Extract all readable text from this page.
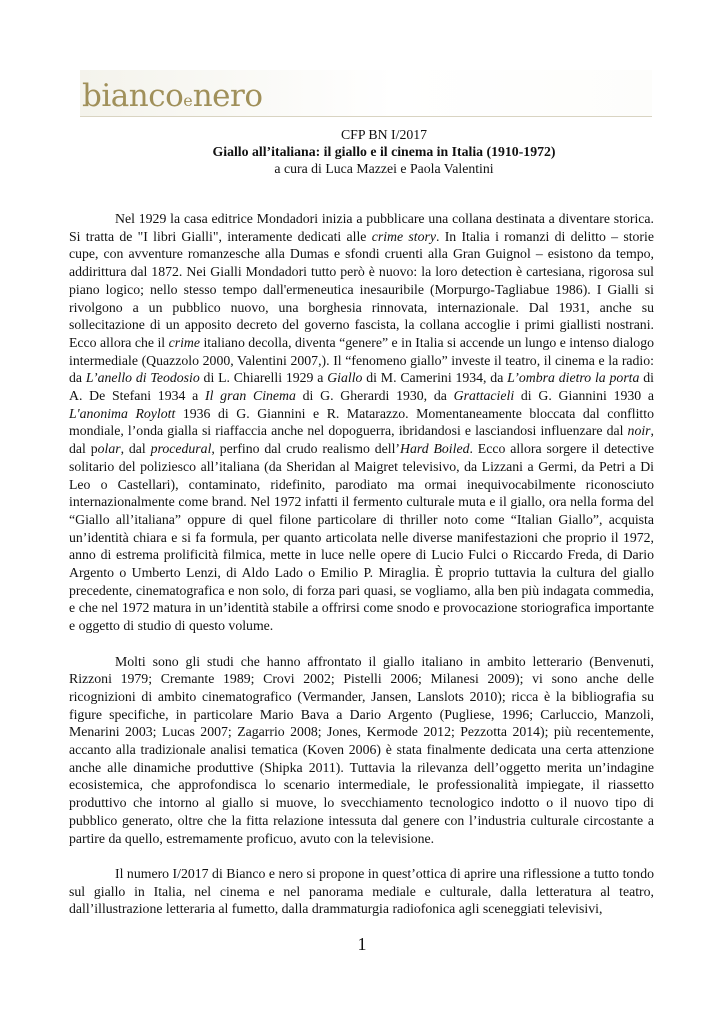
biancoenero
CFP BN I/2017
Giallo all’italiana: il giallo e il cinema in Italia (1910-1972)
a cura di Luca Mazzei e Paola Valentini

Nel 1929 la casa editrice Mondadori inizia a pubblicare una collana destinata a diventare storica. Si tratta de "I libri Gialli", interamente dedicati alle crime story. In Italia i romanzi di delitto – storie cupe, con avventure romanzesche alla Dumas e sfondi cruenti alla Gran Guignol – esistono da tempo, addirittura dal 1872. Nei Gialli Mondadori tutto però è nuovo: la loro detection è cartesiana, rigorosa sul piano logico; nello stesso tempo dall'ermeneutica inesauribile (Morpurgo-Tagliabue 1986). I Gialli si rivolgono a un pubblico nuovo, una borghesia rinnovata, internazionale. Dal 1931, anche su sollecitazione di un apposito decreto del governo fascista, la collana accoglie i primi giallisti nostrani. Ecco allora che il crime italiano decolla, diventa “genere” e in Italia si accende un lungo e intenso dialogo intermediale (Quazzolo 2000, Valentini 2007,). Il “fenomeno giallo” investe il teatro, il cinema e la radio: da L’anello di Teodosio di L. Chiarelli 1929 a Giallo di M. Camerini 1934, da L’ombra dietro la porta di A. De Stefani 1934 a Il gran Cinema di G. Gherardi 1930, da Grattacieli di G. Giannini 1930 a L'anonima Roylott 1936 di G. Giannini e R. Matarazzo. Momentaneamente bloccata dal conflitto mondiale, l’onda gialla si riaffaccia anche nel dopoguerra, ibridandosi e lasciandosi influenzare dal noir, dal polar, dal procedural, perfino dal crudo realismo dell’Hard Boiled. Ecco allora sorgere il detective solitario del poliziesco all’italiana (da Sheridan al Maigret televisivo, da Lizzani a Germi, da Petri a Di Leo o Castellari), contaminato, ridefinito, parodiato ma ormai inequivocabilmente riconosciuto internazionalmente come brand. Nel 1972 infatti il fermento culturale muta e il giallo, ora nella forma del “Giallo all’italiana” oppure di quel filone particolare di thriller noto come “Italian Giallo”, acquista un’identità chiara e si fa formula, per quanto articolata nelle diverse manifestazioni che proprio il 1972, anno di estrema prolificità filmica, mette in luce nelle opere di Lucio Fulci o Riccardo Freda, di Dario Argento o Umberto Lenzi, di Aldo Lado o Emilio P. Miraglia. È proprio tuttavia la cultura del giallo precedente, cinematografica e non solo, di forza pari quasi, se vogliamo, alla ben più indagata commedia, e che nel 1972 matura in un’identità stabile a offrirsi come snodo e provocazione storiografica importante e oggetto di studio di questo volume.

Molti sono gli studi che hanno affrontato il giallo italiano in ambito letterario (Benvenuti, Rizzoni 1979; Cremante 1989; Crovi 2002; Pistelli 2006; Milanesi 2009); vi sono anche delle ricognizioni di ambito cinematografico (Vermander, Jansen, Lanslots 2010); ricca è la bibliografia su figure specifiche, in particolare Mario Bava a Dario Argento (Pugliese, 1996; Carluccio, Manzoli, Menarini 2003; Lucas 2007; Zagarrio 2008; Jones, Kermode 2012; Pezzotta 2014); più recentemente, accanto alla tradizionale analisi tematica (Koven 2006) è stata finalmente dedicata una certa attenzione anche alle dinamiche produttive (Shipka 2011). Tuttavia la rilevanza dell’oggetto merita un’indagine ecosistemica, che approfondisca lo scenario intermediale, le professionalità impiegate, il riassetto produttivo che intorno al giallo si muove, lo svecchiamento tecnologico indotto o il nuovo tipo di pubblico generato, oltre che la fitta relazione intessuta dal genere con l’industria culturale circostante a partire da quello, estremamente proficuo, avuto con la televisione.

Il numero I/2017 di Bianco e nero si propone in quest’ottica di aprire una riflessione a tutto tondo sul giallo in Italia, nel cinema e nel panorama mediale e culturale, dalla letteratura al teatro, dall’illustrazione letteraria al fumetto, dalla drammaturgia radiofonica agli sceneggiati televisivi,

1
